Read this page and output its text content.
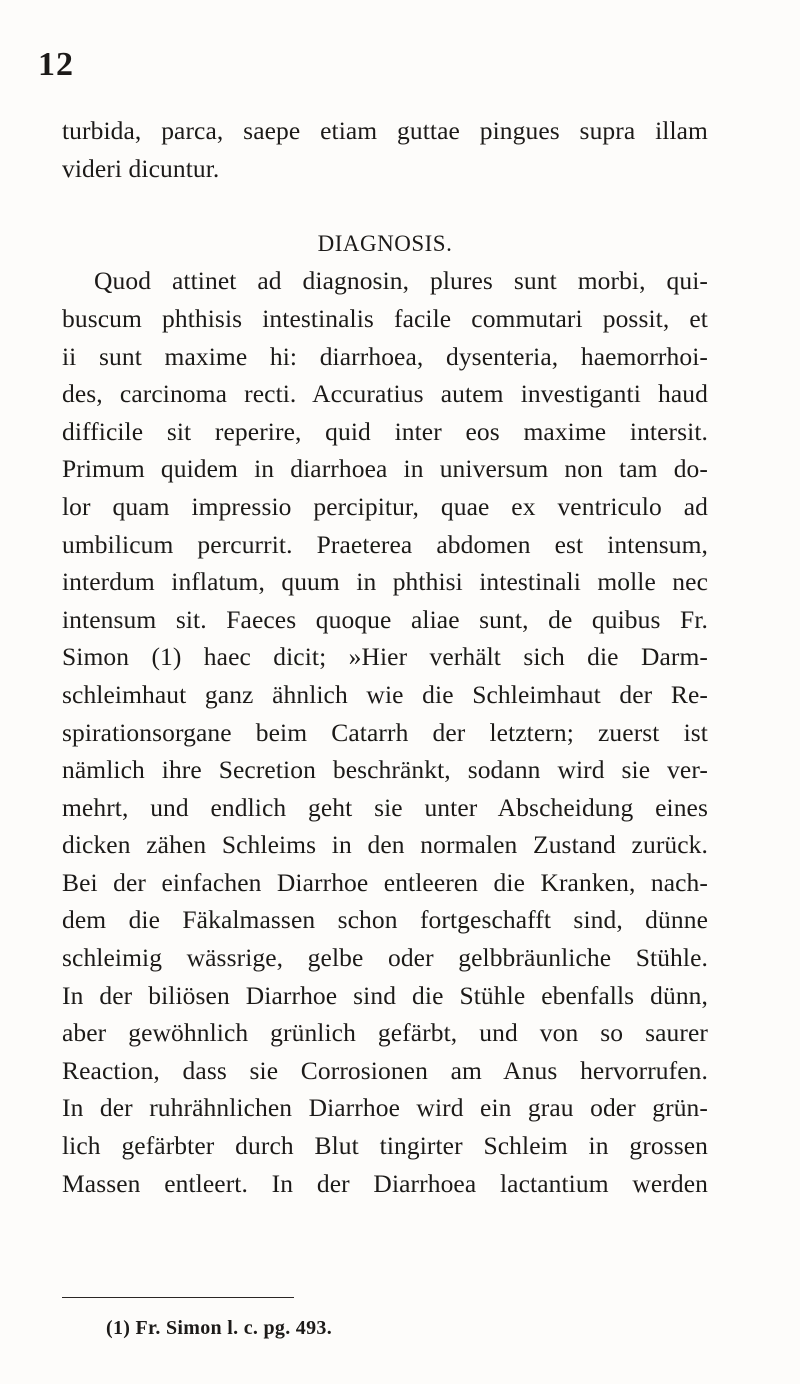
12
turbida, parca, saepe etiam guttae pingues supra illam
videri dicuntur.
DIAGNOSIS.
Quod attinet ad diagnosin, plures sunt morbi, qui-
buscum phthisis intestinalis facile commutari possit, et
ii sunt maxime hi: diarrhoea, dysenteria, haemorrhoi-
des, carcinoma recti. Accuratius autem investiganti haud
difficile sit reperire, quid inter eos maxime intersit.
Primum quidem in diarrhoea in universum non tam do-
lor quam impressio percipitur, quae ex ventriculo ad
umbilicum percurrit. Praeterea abdomen est intensum,
interdum inflatum, quum in phthisi intestinali molle nec
intensum sit. Faeces quoque aliae sunt, de quibus Fr.
Simon (1) haec dicit; »Hier verhält sich die Darm-
schleimhaut ganz ähnlich wie die Schleimhaut der Re-
spirationsorgane beim Catarrh der letztern; zuerst ist
nämlich ihre Secretion beschränkt, sodann wird sie ver-
mehrt, und endlich geht sie unter Abscheidung eines
dicken zähen Schleims in den normalen Zustand zurück.
Bei der einfachen Diarrhoe entleeren die Kranken, nach-
dem die Fäkalmassen schon fortgeschafft sind, dünne
schleimig wässrige, gelbe oder gelbbräunliche Stühle.
In der biliösen Diarrhoe sind die Stühle ebenfalls dünn,
aber gewöhnlich grünlich gefärbt, und von so saurer
Reaction, dass sie Corrosionen am Anus hervorrufen.
In der ruhrähnlichen Diarrhoe wird ein grau oder grün-
lich gefärbter durch Blut tingirter Schleim in grossen
Massen entleert. In der Diarrhoea lactantium werden
(1) Fr. Simon l. c. pg. 493.
